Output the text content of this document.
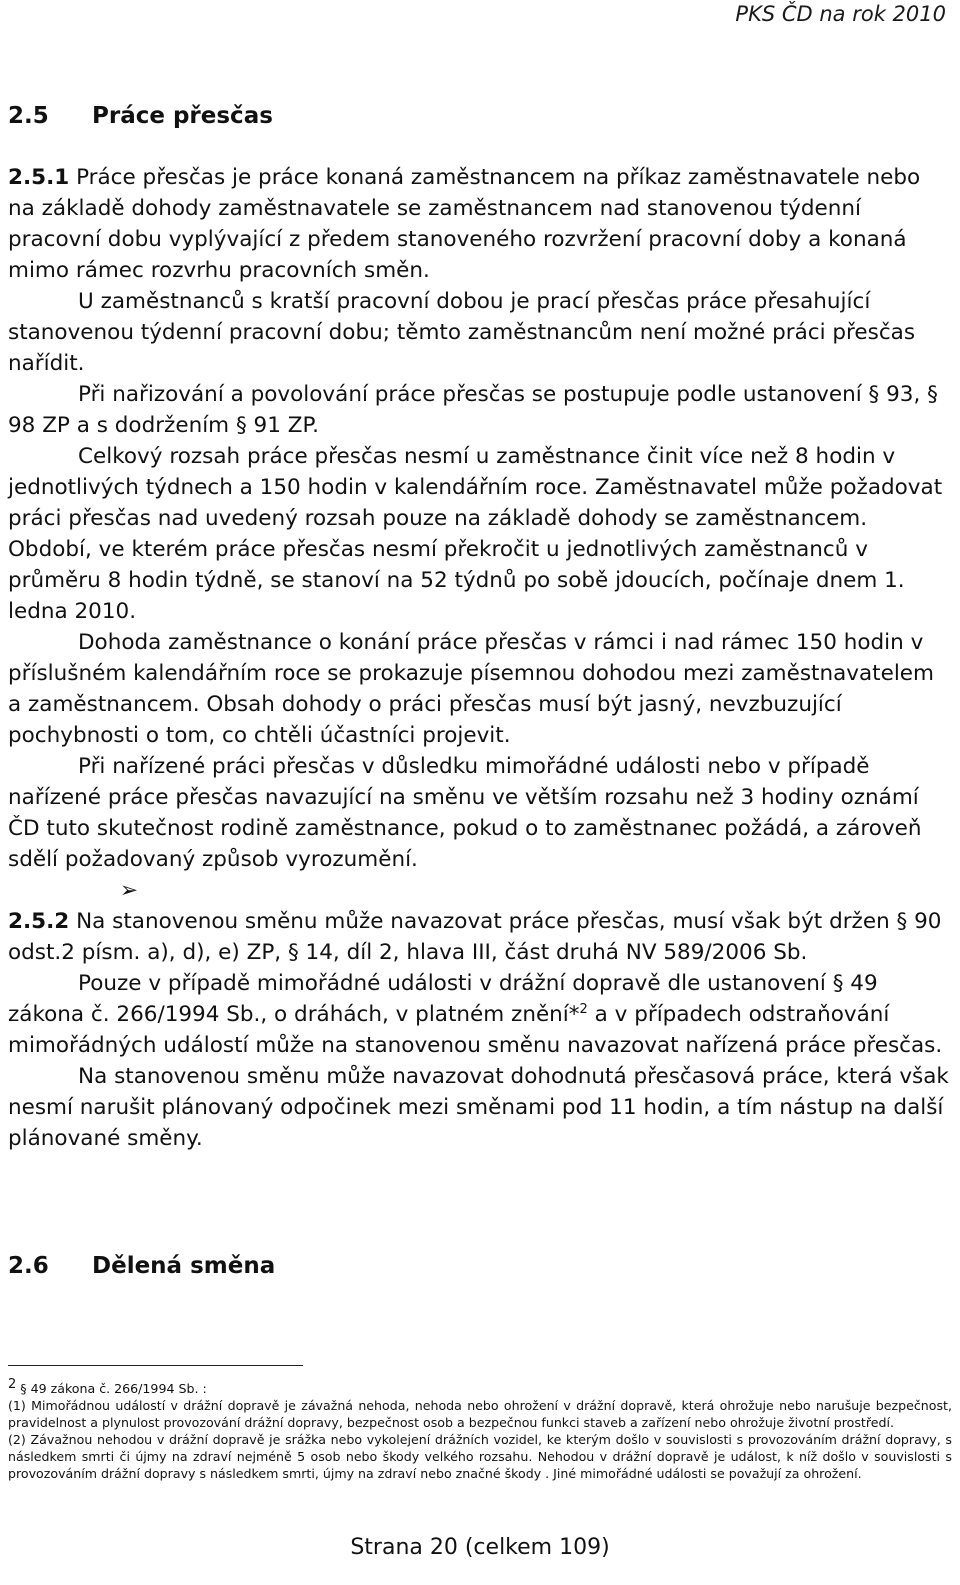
PKS ČD na rok 2010
2.5 Práce přesčas

2.5.1 Práce přesčas je práce konaná zaměstnancem na příkaz zaměstnavatele nebo na základě dohody zaměstnavatele se zaměstnancem nad stanovenou týdenní pracovní dobu vyplývající z předem stanoveného rozvržení pracovní doby a konaná mimo rámec rozvrhu pracovních směn.

U zaměstnanců s kratší pracovní dobou je prací přesčas práce přesahující stanovenou týdenní pracovní dobu; těmto zaměstnancům není možné práci přesčas nařídit.

Při nařizování a povolování práce přesčas se postupuje podle ustanovení § 93, § 98 ZP a s dodržením § 91 ZP.

Celkový rozsah práce přesčas nesmí u zaměstnance činit více než 8 hodin v jednotlivých týdnech a 150 hodin v kalendářním roce. Zaměstnavatel může požadovat práci přesčas nad uvedený rozsah pouze na základě dohody se zaměstnancem. Období, ve kterém práce přesčas nesmí překročit u jednotlivých zaměstnanců v průměru 8 hodin týdně, se stanoví na 52 týdnů po sobě jdoucích, počínaje dnem 1. ledna 2010.

Dohoda zaměstnance o konání práce přesčas v rámci i nad rámec 150 hodin v příslušném kalendářním roce se prokazuje písemnou dohodou mezi zaměstnavatelem a zaměstnancem. Obsah dohody o práci přesčas musí být jasný, nevzbuzující pochybnosti o tom, co chtěli účastníci projevit.

Při nařízené práci přesčas v důsledku mimořádné události nebo v případě nařízené práce přesčas navazující na směnu ve větším rozsahu než 3 hodiny oznámí ČD tuto skutečnost rodině zaměstnance, pokud o to zaměstnanec požádá, a zároveň sdělí požadovaný způsob vyrozumění.

➢

2.5.2 Na stanovenou směnu může navazovat práce přesčas, musí však být držen § 90 odst.2 písm. a), d), e) ZP, § 14, díl 2, hlava III, část druhá NV 589/2006 Sb.

Pouze v případě mimořádné události v drážní dopravě dle ustanovení § 49 zákona č. 266/1994 Sb., o dráhách, v platném znění*$^2$ a v případech odstraňování mimořádných událostí může na stanovenou směnu navazovat nařízená práce přesčas.

Na stanovenou směnu může navazovat dohodnutá přesčasová práce, která však nesmí narušit plánovaný odpočinek mezi směnami pod 11 hodin, a tím nástup na další plánované směny.

2.6 Dělená směna

$^2$ § 49 zákona č. 266/1994 Sb. :

(1) Mimořádnou událostí v drážní dopravě je závažná nehoda, nehoda nebo ohrožení v drážní dopravě, která ohrožuje nebo narušuje bezpečnost, pravidelnost a plynulost provozování drážní dopravy, bezpečnost osob a bezpečnou funkci staveb a zařízení nebo ohrožuje životní prostředí.

(2) Závažnou nehodou v drážní dopravě je srážka nebo vykolejení drážních vozidel, ke kterým došlo v souvislosti s provozováním drážní dopravy, s následkem smrti či újmy na zdraví nejméně 5 osob nebo škody velkého rozsahu. Nehodou v drážní dopravě je událost, k níž došlo v souvislosti s provozováním drážní dopravy s následkem smrti, újmy na zdraví nebo značné škody . Jiné mimořádné události se považují za ohrožení.

Strana 20 (celkem 109)
